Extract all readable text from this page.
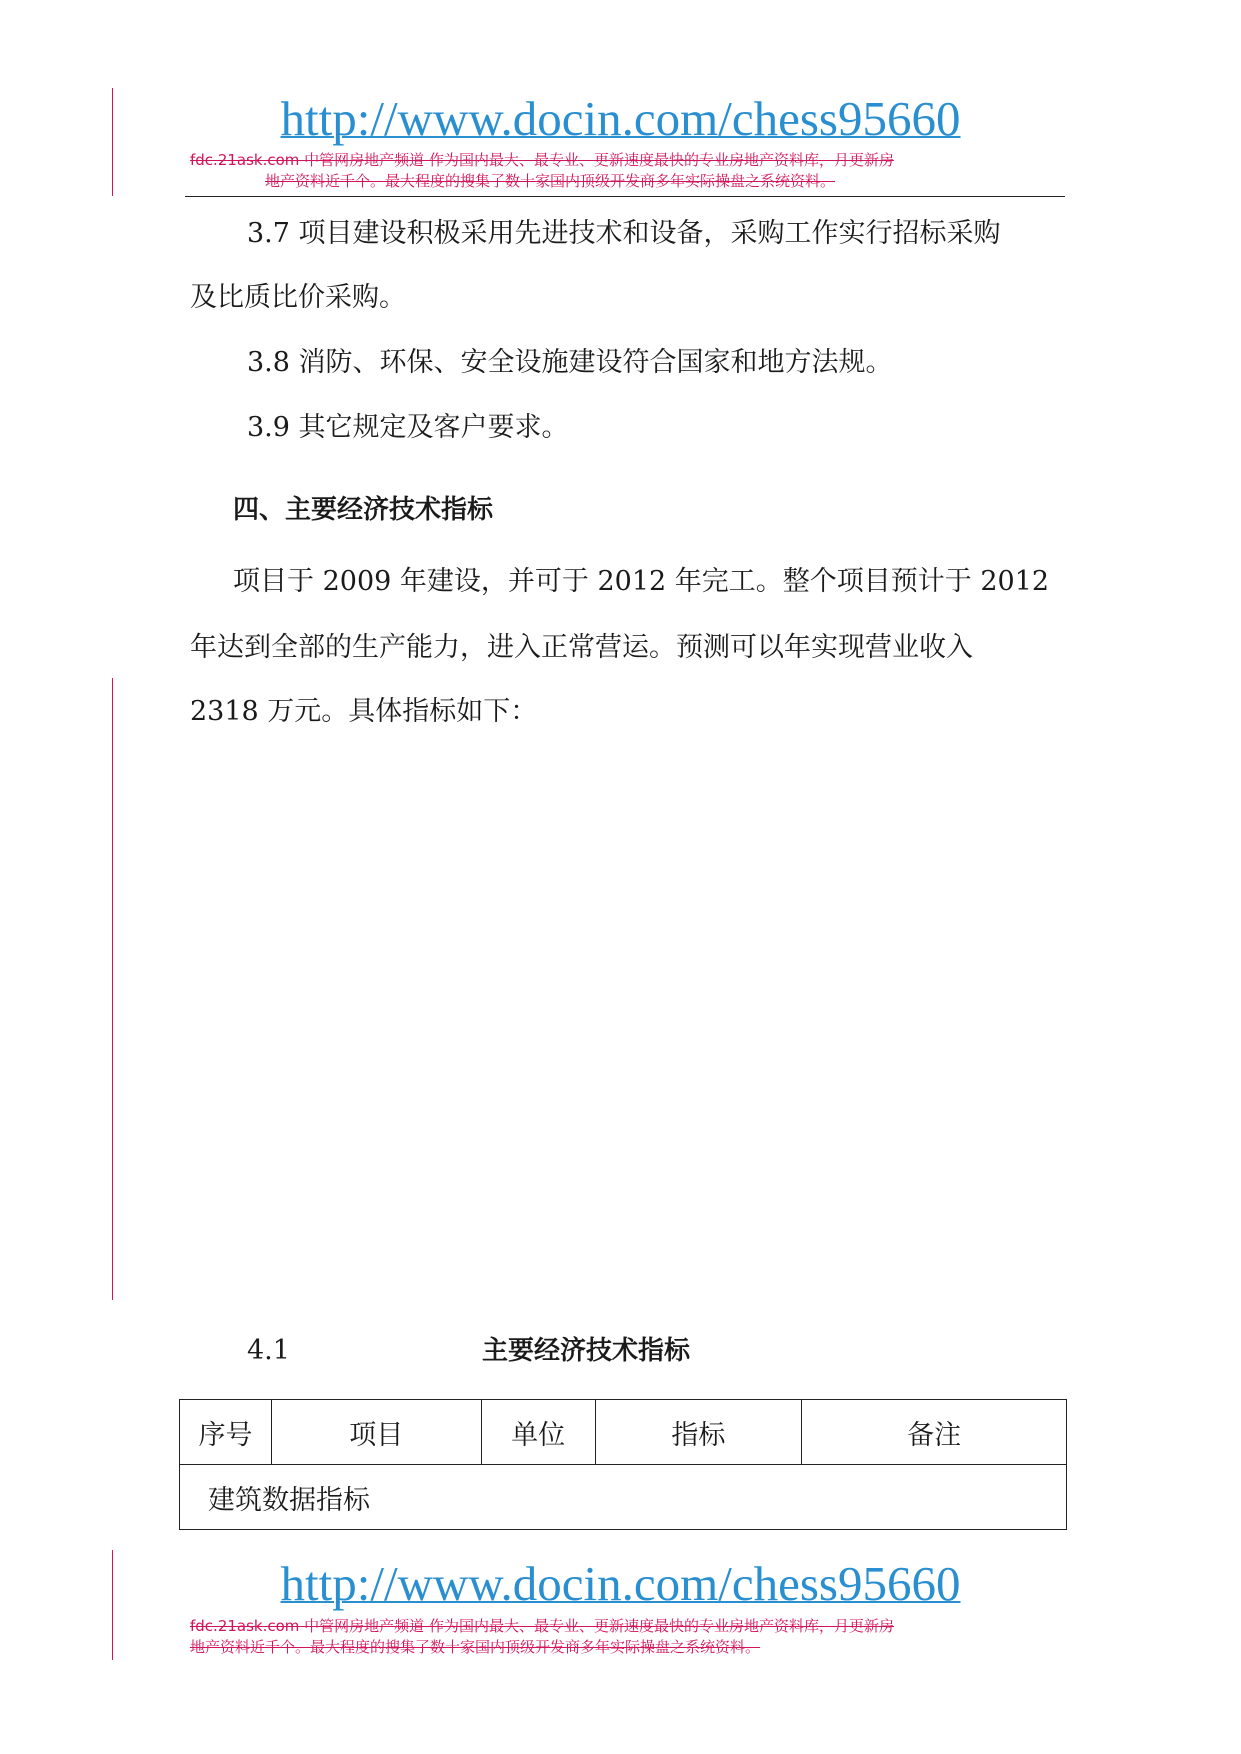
http://www.docin.com/chess95660
fdc.21ask.com 中管网房地产频道 作为国内最大、最专业、更新速度最快的专业房地产资料库，月更新房
地产资料近千个。最大程度的搜集了数十家国内顶级开发商多年实际操盘之系统资料。
3.7 项目建设积极采用先进技术和设备，采购工作实行招标采购
及比质比价采购。
3.8 消防、环保、安全设施建设符合国家和地方法规。
3.9 其它规定及客户要求。
四、主要经济技术指标
项目于 2009 年建设，并可于 2012 年完工。整个项目预计于 2012
年达到全部的生产能力，进入正常营运。预测可以年实现营业收入
2318 万元。具体指标如下：
4.1	主要经济技术指标
序号	项目	单位	指标	备注
建筑数据指标
http://www.docin.com/chess95660
fdc.21ask.com 中管网房地产频道 作为国内最大、最专业、更新速度最快的专业房地产资料库，月更新房
地产资料近千个。最大程度的搜集了数十家国内顶级开发商多年实际操盘之系统资料。
